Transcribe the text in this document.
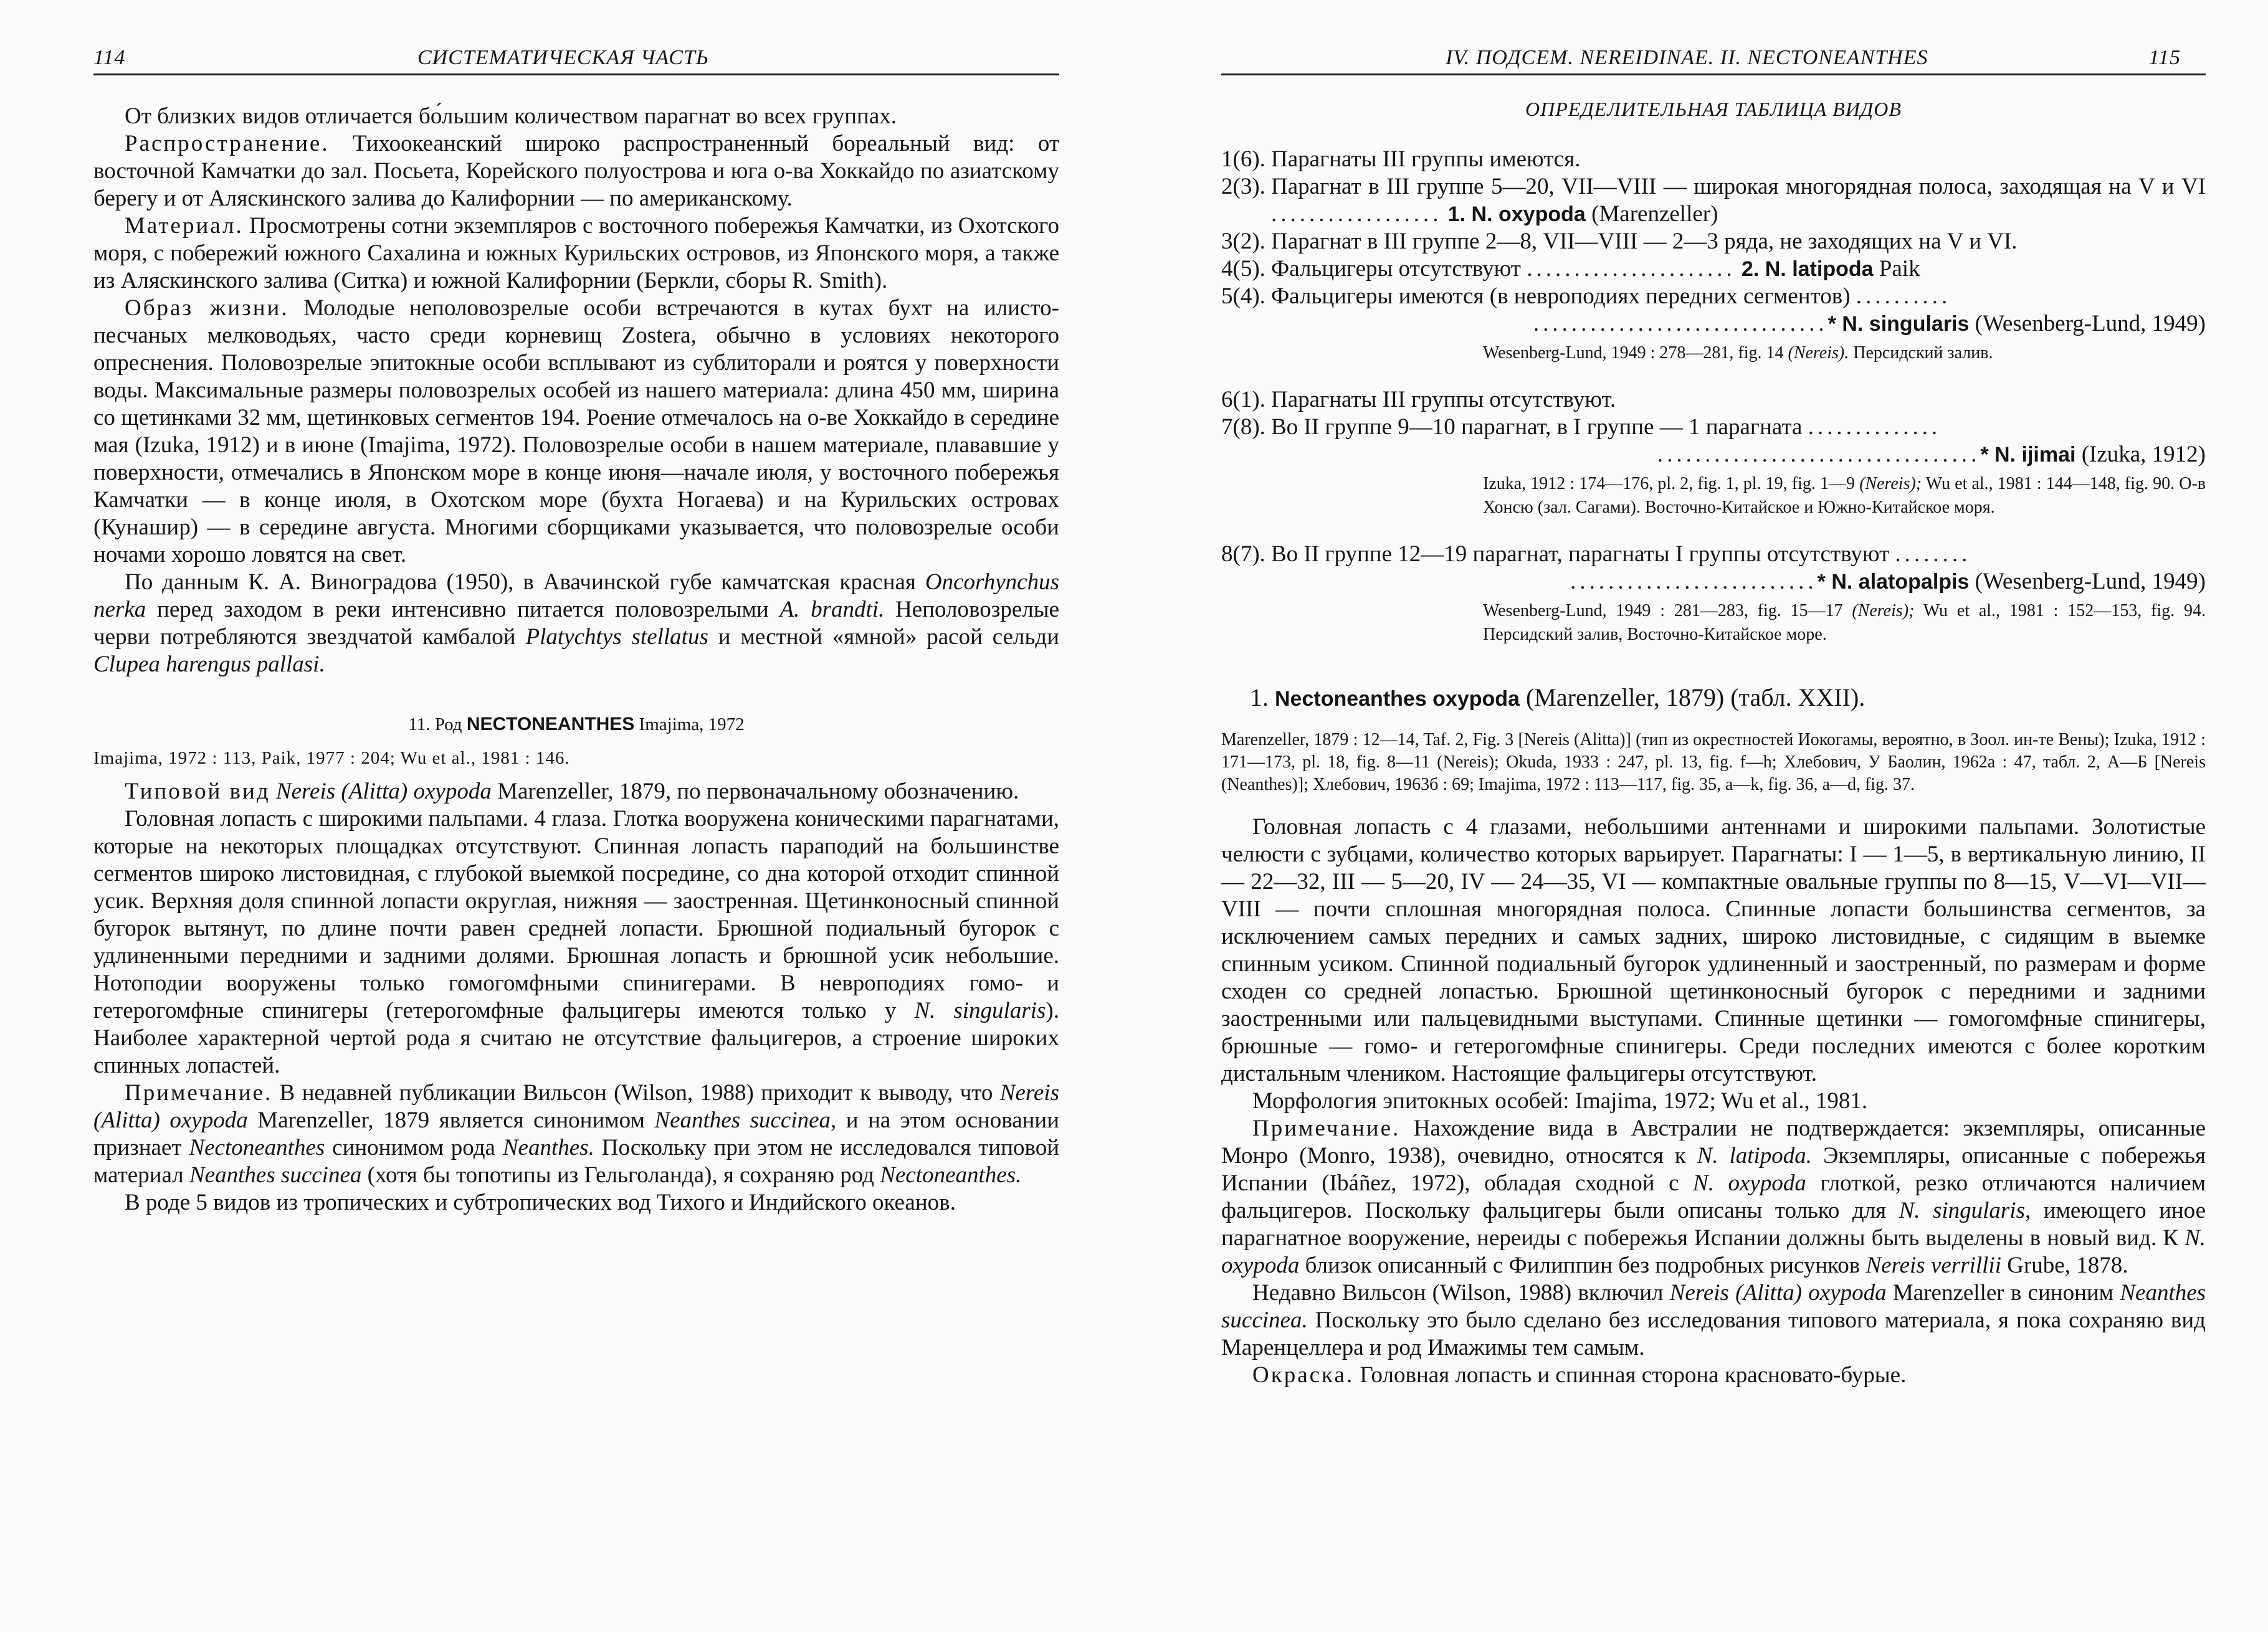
114	СИСТЕМАТИЧЕСКАЯ ЧАСТЬ

От близких видов отличается бо́льшим количеством парагнат во всех группах.

Распространение. Тихоокеанский широко распространенный бореальный вид: от восточной Камчатки до зал. Посьета, Корейского полуострова и юга о-ва Хоккайдо по азиатскому берегу и от Аляскинского залива до Калифорнии — по американскому.

Материал. Просмотрены сотни экземпляров с восточного побережья Камчатки, из Охотского моря, с побережий южного Сахалина и южных Курильских островов, из Японского моря, а также из Аляскинского залива (Ситка) и южной Калифорнии (Беркли, сборы R. Smith).

Образ жизни. Молодые неполовозрелые особи встречаются в кутах бухт на илисто-песчаных мелководьях, часто среди корневищ Zostera, обычно в условиях некоторого опреснения. Половозрелые эпитокные особи всплывают из сублиторали и роятся у поверхности воды. Максимальные размеры половозрелых особей из нашего материала: длина 450 мм, ширина со щетинками 32 мм, щетинковых сегментов 194. Роение отмечалось на о-ве Хоккайдо в середине мая (Izuka, 1912) и в июне (Imajima, 1972). Половозрелые особи в нашем материале, плававшие у поверхности, отмечались в Японском море в конце июня—начале июля, у восточного побережья Камчатки — в конце июля, в Охотском море (бухта Ногаева) и на Курильских островах (Кунашир) — в середине августа. Многими сборщиками указывается, что половозрелые особи ночами хорошо ловятся на свет.

По данным К. А. Виноградова (1950), в Авачинской губе камчатская красная Oncorhynchus nerka перед заходом в реки интенсивно питается половозрелыми A. brandti. Неполовозрелые черви потребляются звездчатой камбалой Platychtys stellatus и местной «ямной» расой сельди Clupea harengus pallasi.

11. Род NECTONEANTHES Imajima, 1972

Imajima, 1972 : 113, Paik, 1977 : 204; Wu et al., 1981 : 146.

Типовой вид Nereis (Alitta) oxypoda Marenzeller, 1879, по первоначальному обозначению.

Головная лопасть с широкими пальпами. 4 глаза. Глотка вооружена коническими парагнатами, которые на некоторых площадках отсутствуют. Спинная лопасть параподий на большинстве сегментов широко листовидная, с глубокой выемкой посредине, со дна которой отходит спинной усик. Верхняя доля спинной лопасти округлая, нижняя — заостренная. Щетинконосный спинной бугорок вытянут, по длине почти равен средней лопасти. Брюшной подиальный бугорок с удлиненными передними и задними долями. Брюшная лопасть и брюшной усик небольшие. Нотоподии вооружены только гомогомфными спинигерами. В невроподиях гомо- и гетерогомфные спинигеры (гетерогомфные фальцигеры имеются только у N. singularis). Наиболее характерной чертой рода я считаю не отсутствие фальцигеров, а строение широких спинных лопастей.

Примечание. В недавней публикации Вильсон (Wilson, 1988) приходит к выводу, что Nereis (Alitta) oxypoda Marenzeller, 1879 является синонимом Neanthes succinea, и на этом основании признает Nectoneanthes синонимом рода Neanthes. Поскольку при этом не исследовался типовой материал Neanthes succinea (хотя бы топотипы из Гельголанда), я сохраняю род Nectoneanthes.

В роде 5 видов из тропических и субтропических вод Тихого и Индийского океанов.

IV. ПОДСЕМ. NEREIDINAE. II. NECTONEANTHES	115

ОПРЕДЕЛИТЕЛЬНАЯ ТАБЛИЦА ВИДОВ

1(6). Парагнаты III группы имеются.
2(3). Парагнат в III группе 5—20, VII—VIII — широкая многорядная полоса, заходящая на V и VI .................. 1. N. oxypoda (Marenzeller)
3(2). Парагнат в III группе 2—8, VII—VIII — 2—3 ряда, не заходящих на V и VI.
4(5). Фальцигеры отсутствуют ...................... 2. N. latipoda Paik
5(4). Фальцигеры имеются (в невроподиях передних сегментов) ..........
...............................* N. singularis (Wesenberg-Lund, 1949)

Wesenberg-Lund, 1949 : 278—281, fig. 14 (Nereis). Персидский залив.

6(1). Парагнаты III группы отсутствуют.
7(8). Во II группе 9—10 парагнат, в I группе — 1 парагната ..............
..................................* N. ijimai (Izuka, 1912)

Izuka, 1912 : 174—176, pl. 2, fig. 1, pl. 19, fig. 1—9 (Nereis); Wu et al., 1981 : 144—148, fig. 90. О-в Хонсю (зал. Сагами). Восточно-Китайское и Южно-Китайское моря.

8(7). Во II группе 12—19 парагнат, парагнаты I группы отсутствуют ........
..........................* N. alatopalpis (Wesenberg-Lund, 1949)

Wesenberg-Lund, 1949 : 281—283, fig. 15—17 (Nereis); Wu et al., 1981 : 152—153, fig. 94. Персидский залив, Восточно-Китайское море.

1. Nectoneanthes oxypoda (Marenzeller, 1879) (табл. XXII).

Marenzeller, 1879 : 12—14, Taf. 2, Fig. 3 [Nereis (Alitta)] (тип из окрестностей Иокогамы, вероятно, в Зоол. ин-те Вены); Izuka, 1912 : 171—173, pl. 18, fig. 8—11 (Nereis); Okuda, 1933 : 247, pl. 13, fig. f—h; Хлебович, У Баолин, 1962а : 47, табл. 2, А—Б [Nereis (Neanthes)]; Хлебович, 1963б : 69; Imajima, 1972 : 113—117, fig. 35, a—k, fig. 36, a—d, fig. 37.

Головная лопасть с 4 глазами, небольшими антеннами и широкими пальпами. Золотистые челюсти с зубцами, количество которых варьирует. Парагнаты: I — 1—5, в вертикальную линию, II — 22—32, III — 5—20, IV — 24—35, VI — компактные овальные группы по 8—15, V—VI—VII—VIII — почти сплошная многорядная полоса. Спинные лопасти большинства сегментов, за исключением самых передних и самых задних, широко листовидные, с сидящим в выемке спинным усиком. Спинной подиальный бугорок удлиненный и заостренный, по размерам и форме сходен со средней лопастью. Брюшной щетинконосный бугорок с передними и задними заостренными или пальцевидными выступами. Спинные щетинки — гомогомфные спинигеры, брюшные — гомо- и гетерогомфные спинигеры. Среди последних имеются с более коротким дистальным члеником. Настоящие фальцигеры отсутствуют.

Морфология эпитокных особей: Imajima, 1972; Wu et al., 1981.

Примечание. Нахождение вида в Австралии не подтверждается: экземпляры, описанные Монро (Monro, 1938), очевидно, относятся к N. latipoda. Экземпляры, описанные с побережья Испании (Ibáñez, 1972), обладая сходной с N. oxypoda глоткой, резко отличаются наличием фальцигеров. Поскольку фальцигеры были описаны только для N. singularis, имеющего иное парагнатное вооружение, нереиды с побережья Испании должны быть выделены в новый вид. К N. oxypoda близок описанный с Филиппин без подробных рисунков Nereis verrillii Grube, 1878.

Недавно Вильсон (Wilson, 1988) включил Nereis (Alitta) oxypoda Marenzeller в синоним Neanthes succinea. Поскольку это было сделано без исследования типового материала, я пока сохраняю вид Маренцеллера и род Имажимы тем самым.

Окраска. Головная лопасть и спинная сторона красновато-бурые.
